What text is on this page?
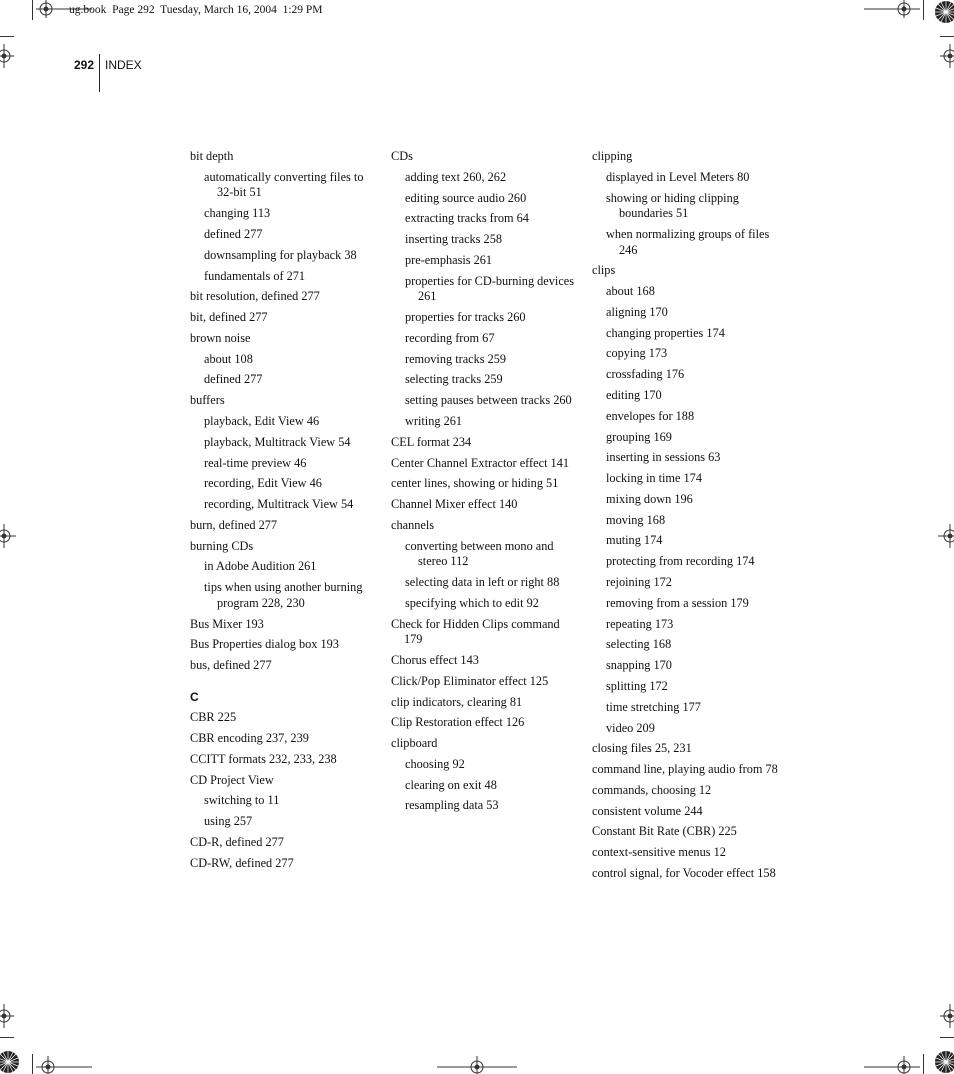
ug.book  Page 292  Tuesday, March 16, 2004  1:29 PM
292 INDEX
bit depth
automatically converting files to 32-bit 51
changing 113
defined 277
downsampling for playback 38
fundamentals of 271
bit resolution, defined 277
bit, defined 277
brown noise
about 108
defined 277
buffers
playback, Edit View 46
playback, Multitrack View 54
real-time preview 46
recording, Edit View 46
recording, Multitrack View 54
burn, defined 277
burning CDs
in Adobe Audition 261
tips when using another burning program 228, 230
Bus Mixer 193
Bus Properties dialog box 193
bus, defined 277
C
CBR 225
CBR encoding 237, 239
CCITT formats 232, 233, 238
CD Project View
switching to 11
using 257
CD-R, defined 277
CD-RW, defined 277
CDs
adding text 260, 262
editing source audio 260
extracting tracks from 64
inserting tracks 258
pre-emphasis 261
properties for CD-burning devices 261
properties for tracks 260
recording from 67
removing tracks 259
selecting tracks 259
setting pauses between tracks 260
writing 261
CEL format 234
Center Channel Extractor effect 141
center lines, showing or hiding 51
Channel Mixer effect 140
channels
converting between mono and stereo 112
selecting data in left or right 88
specifying which to edit 92
Check for Hidden Clips command 179
Chorus effect 143
Click/Pop Eliminator effect 125
clip indicators, clearing 81
Clip Restoration effect 126
clipboard
choosing 92
clearing on exit 48
resampling data 53
clipping
displayed in Level Meters 80
showing or hiding clipping boundaries 51
when normalizing groups of files 246
clips
about 168
aligning 170
changing properties 174
copying 173
crossfading 176
editing 170
envelopes for 188
grouping 169
inserting in sessions 63
locking in time 174
mixing down 196
moving 168
muting 174
protecting from recording 174
rejoining 172
removing from a session 179
repeating 173
selecting 168
snapping 170
splitting 172
time stretching 177
video 209
closing files 25, 231
command line, playing audio from 78
commands, choosing 12
consistent volume 244
Constant Bit Rate (CBR) 225
context-sensitive menus 12
control signal, for Vocoder effect 158
